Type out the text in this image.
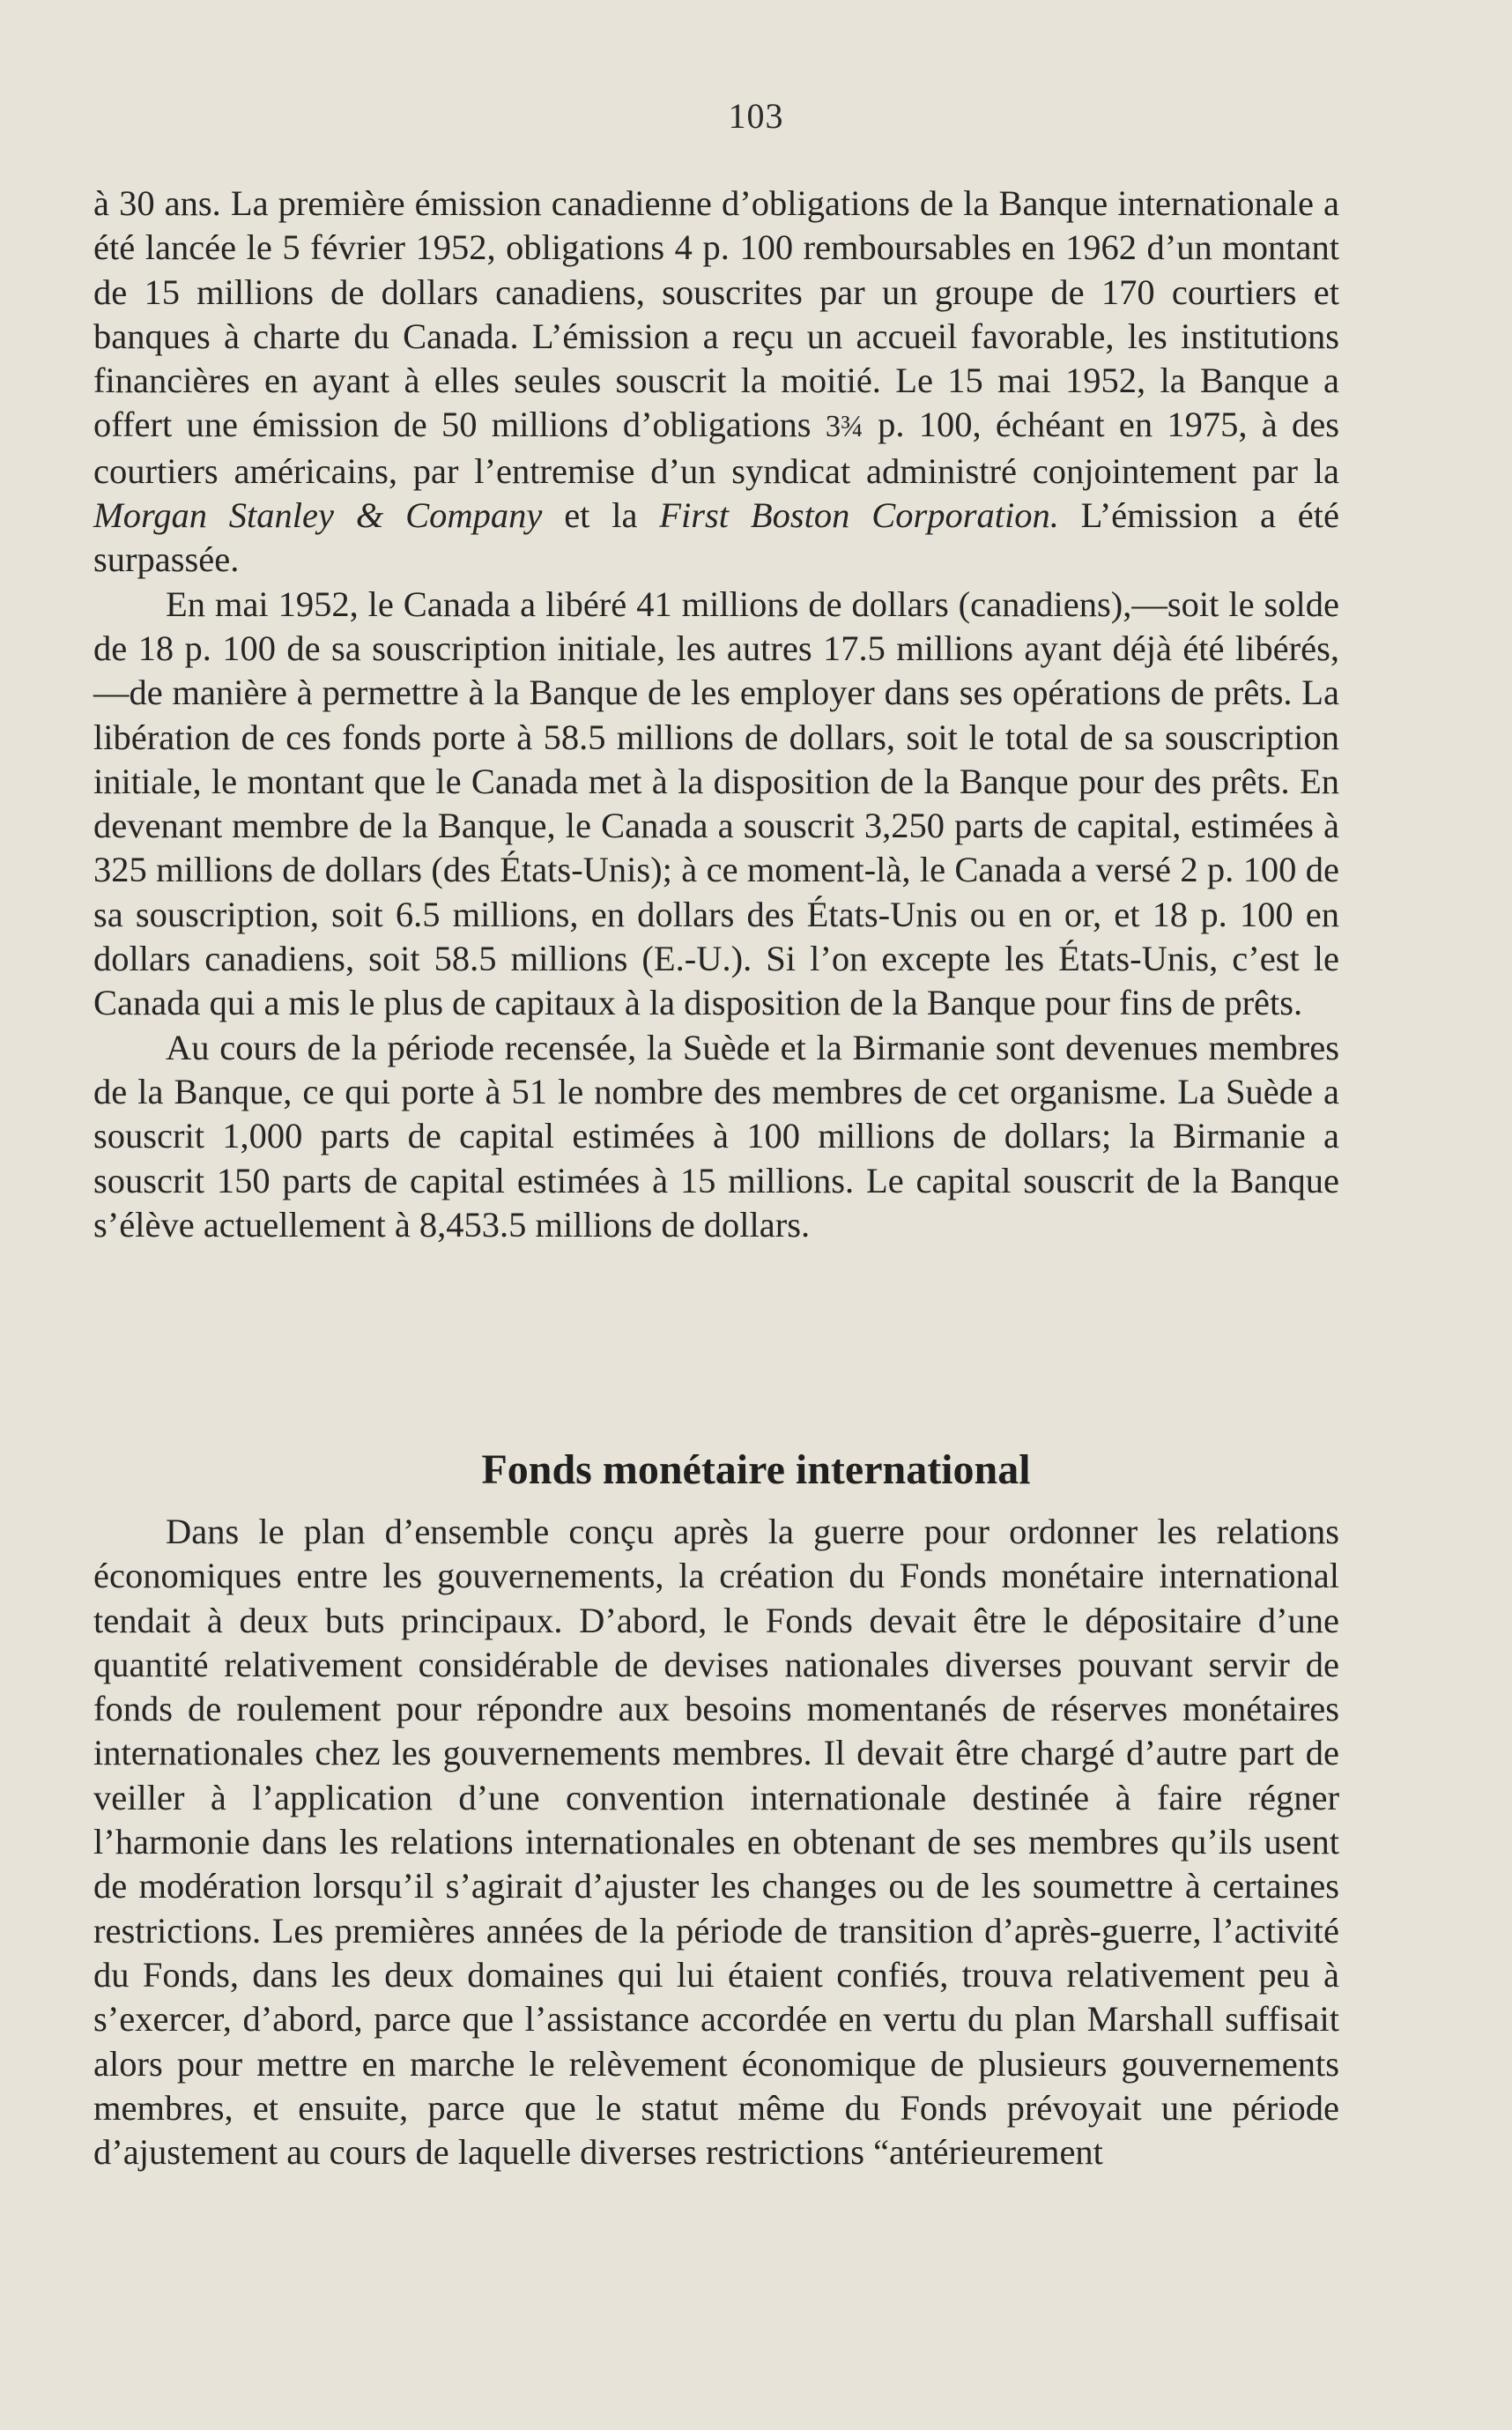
103

à 30 ans. La première émission canadienne d’obligations de la Banque internationale a été lancée le 5 février 1952, obligations 4 p. 100 remboursables en 1962 d’un montant de 15 millions de dollars canadiens, souscrites par un groupe de 170 courtiers et banques à charte du Canada. L’émission a reçu un accueil favorable, les institutions financières en ayant à elles seules souscrit la moitié. Le 15 mai 1952, la Banque a offert une émission de 50 millions d’obligations 3¾ p. 100, échéant en 1975, à des courtiers américains, par l’entremise d’un syndicat administré conjointement par la Morgan Stanley & Company et la First Boston Corporation. L’émission a été surpassée.

En mai 1952, le Canada a libéré 41 millions de dollars (canadiens),—soit le solde de 18 p. 100 de sa souscription initiale, les autres 17.5 millions ayant déjà été libérés,—de manière à permettre à la Banque de les employer dans ses opérations de prêts. La libération de ces fonds porte à 58.5 millions de dollars, soit le total de sa souscription initiale, le montant que le Canada met à la disposition de la Banque pour des prêts. En devenant membre de la Banque, le Canada a souscrit 3,250 parts de capital, estimées à 325 millions de dollars (des États-Unis); à ce moment-là, le Canada a versé 2 p. 100 de sa souscription, soit 6.5 millions, en dollars des États-Unis ou en or, et 18 p. 100 en dollars canadiens, soit 58.5 millions (E.-U.). Si l’on excepte les États-Unis, c’est le Canada qui a mis le plus de capitaux à la disposition de la Banque pour fins de prêts.

Au cours de la période recensée, la Suède et la Birmanie sont devenues membres de la Banque, ce qui porte à 51 le nombre des membres de cet organisme. La Suède a souscrit 1,000 parts de capital estimées à 100 millions de dollars; la Birmanie a souscrit 150 parts de capital estimées à 15 millions. Le capital souscrit de la Banque s’élève actuellement à 8,453.5 millions de dollars.

Fonds monétaire international

Dans le plan d’ensemble conçu après la guerre pour ordonner les relations économiques entre les gouvernements, la création du Fonds monétaire international tendait à deux buts principaux. D’abord, le Fonds devait être le dépositaire d’une quantité relativement considérable de devises nationales diverses pouvant servir de fonds de roulement pour répondre aux besoins momentanés de réserves monétaires internationales chez les gouvernements membres. Il devait être chargé d’autre part de veiller à l’application d’une convention internationale destinée à faire régner l’harmonie dans les relations internationales en obtenant de ses membres qu’ils usent de modération lorsqu’il s’agirait d’ajuster les changes ou de les soumettre à certaines restrictions. Les premières années de la période de transition d’après-guerre, l’activité du Fonds, dans les deux domaines qui lui étaient confiés, trouva relativement peu à s’exercer, d’abord, parce que l’assistance accordée en vertu du plan Marshall suffisait alors pour mettre en marche le relèvement économique de plusieurs gouvernements membres, et ensuite, parce que le statut même du Fonds prévoyait une période d’ajustement au cours de laquelle diverses restrictions “antérieurement
